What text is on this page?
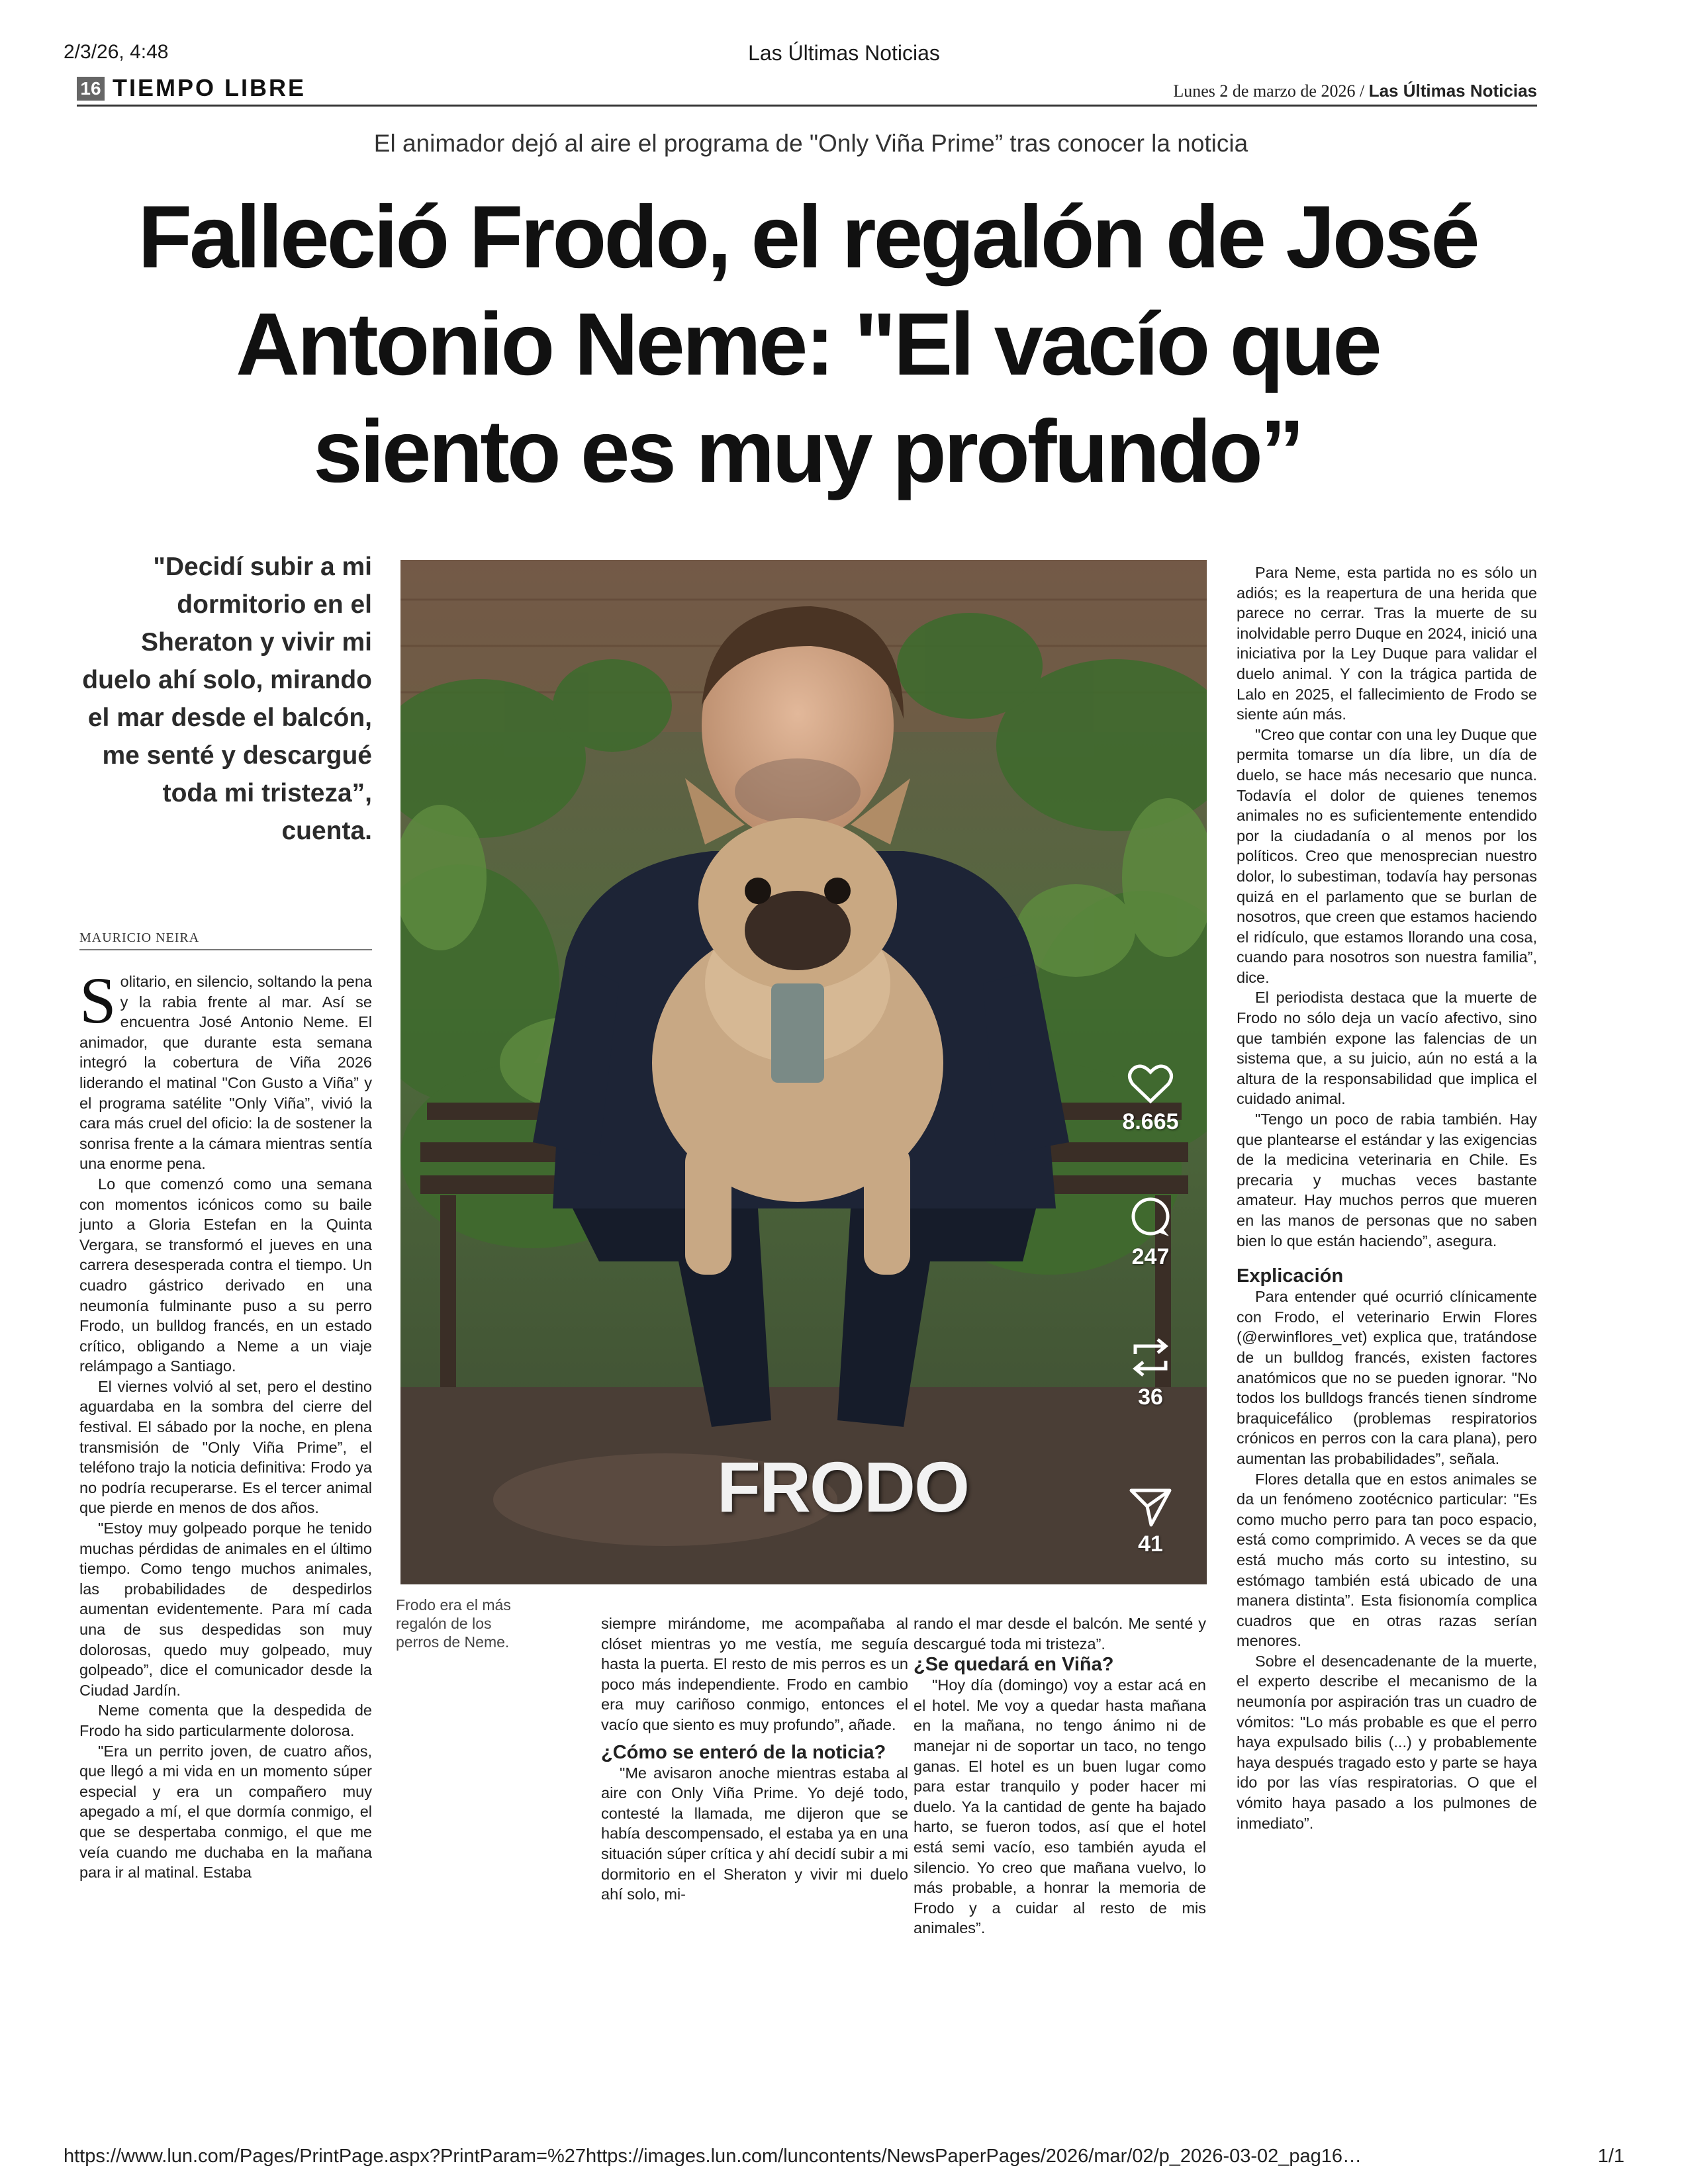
2/3/26, 4:48	Las Últimas Noticias
16 TIEMPO LIBRE	Lunes 2 de marzo de 2026 / Las Últimas Noticias
El animador dejó al aire el programa de "Only Viña Prime” tras conocer la noticia
Falleció Frodo, el regalón de José
Antonio Neme: "El vacío que
siento es muy profundo”
"Decidí subir a mi dormitorio en el Sheraton y vivir mi duelo ahí solo, mirando el mar desde el balcón, me senté y descargué toda mi tristeza”, cuenta.
MAURICIO NEIRA

Solitario, en silencio, soltando la pena y la rabia frente al mar. Así se encuentra José Antonio Neme. El animador, que durante esta semana integró la cobertura de Viña 2026 liderando el matinal "Con Gusto a Viña” y el programa satélite "Only Viña”, vivió la cara más cruel del oficio: la de sostener la sonrisa frente a la cámara mientras sentía una enorme pena.

Lo que comenzó como una semana con momentos icónicos como su baile junto a Gloria Estefan en la Quinta Vergara, se transformó el jueves en una carrera desesperada contra el tiempo. Un cuadro gástrico derivado en una neumonía fulminante puso a su perro Frodo, un bulldog francés, en un estado crítico, obligando a Neme a un viaje relámpago a Santiago.

El viernes volvió al set, pero el destino aguardaba en la sombra del cierre del festival. El sábado por la noche, en plena transmisión de "Only Viña Prime”, el teléfono trajo la noticia definitiva: Frodo ya no podría recuperarse. Es el tercer animal que pierde en menos de dos años.

"Estoy muy golpeado porque he tenido muchas pérdidas de animales en el último tiempo. Como tengo muchos animales, las probabilidades de despedirlos aumentan evidentemente. Para mí cada una de sus despedidas son muy dolorosas, quedo muy golpeado, muy golpeado”, dice el comunicador desde la Ciudad Jardín.

Neme comenta que la despedida de Frodo ha sido particularmente dolorosa.

"Era un perrito joven, de cuatro años, que llegó a mi vida en un momento súper especial y era un compañero muy apegado a mí, el que dormía conmigo, el que se despertaba conmigo, el que me veía cuando me duchaba en la mañana para ir al matinal. Estaba

FRODO
8.665
247
36
41
Frodo era el más regalón de los perros de Neme.

siempre mirándome, me acompañaba al clóset mientras yo me vestía, me seguía hasta la puerta. El resto de mis perros es un poco más independiente. Frodo en cambio era muy cariñoso conmigo, entonces el vacío que siento es muy profundo”, añade.

¿Cómo se enteró de la noticia?

"Me avisaron anoche mientras estaba al aire con Only Viña Prime. Yo dejé todo, contesté la llamada, me dijeron que se había descompensado, el estaba ya en una situación súper crítica y ahí decidí subir a mi dormitorio en el Sheraton y vivir mi duelo ahí solo, mi-

rando el mar desde el balcón. Me senté y descargué toda mi tristeza”.

¿Se quedará en Viña?

"Hoy día (domingo) voy a estar acá en el hotel. Me voy a quedar hasta mañana en la mañana, no tengo ánimo ni de manejar ni de soportar un taco, no tengo ganas. El hotel es un buen lugar como para estar tranquilo y poder hacer mi duelo. Ya la cantidad de gente ha bajado harto, se fueron todos, así que el hotel está semi vacío, eso también ayuda el silencio. Yo creo que mañana vuelvo, lo más probable, a honrar la memoria de Frodo y a cuidar al resto de mis animales”.

Para Neme, esta partida no es sólo un adiós; es la reapertura de una herida que parece no cerrar. Tras la muerte de su inolvidable perro Duque en 2024, inició una iniciativa por la Ley Duque para validar el duelo animal. Y con la trágica partida de Lalo en 2025, el fallecimiento de Frodo se siente aún más.

"Creo que contar con una ley Duque que permita tomarse un día libre, un día de duelo, se hace más necesario que nunca. Todavía el dolor de quienes tenemos animales no es suficientemente entendido por la ciudadanía o al menos por los políticos. Creo que menosprecian nuestro dolor, lo subestiman, todavía hay personas quizá en el parlamento que se burlan de nosotros, que creen que estamos haciendo el ridículo, que estamos llorando una cosa, cuando para nosotros son nuestra familia”, dice.

El periodista destaca que la muerte de Frodo no sólo deja un vacío afectivo, sino que también expone las falencias de un sistema que, a su juicio, aún no está a la altura de la responsabilidad que implica el cuidado animal.

"Tengo un poco de rabia también. Hay que plantearse el estándar y las exigencias de la medicina veterinaria en Chile. Es precaria y muchas veces bastante amateur. Hay muchos perros que mueren en las manos de personas que no saben bien lo que están haciendo”, asegura.

Explicación

Para entender qué ocurrió clínicamente con Frodo, el veterinario Erwin Flores (@erwinflores_vet) explica que, tratándose de un bulldog francés, existen factores anatómicos que no se pueden ignorar. "No todos los bulldogs francés tienen síndrome braquicefálico (problemas respiratorios crónicos en perros con la cara plana), pero aumentan las probabilidades”, señala.

Flores detalla que en estos animales se da un fenómeno zootécnico particular: "Es como mucho perro para tan poco espacio, está como comprimido. A veces se da que está mucho más corto su intestino, su estómago también está ubicado de una manera distinta”. Esta fisionomía complica cuadros que en otras razas serían menores.

Sobre el desencadenante de la muerte, el experto describe el mecanismo de la neumonía por aspiración tras un cuadro de vómitos: "Lo más probable es que el perro haya expulsado bilis (...) y probablemente haya después tragado esto y parte se haya ido por las vías respiratorias. O que el vómito haya pasado a los pulmones de inmediato”.

https://www.lun.com/Pages/PrintPage.aspx?PrintParam=%27https://images.lun.com/luncontents/NewsPaperPages/2026/mar/02/p_2026-03-02_pag16…	1/1
